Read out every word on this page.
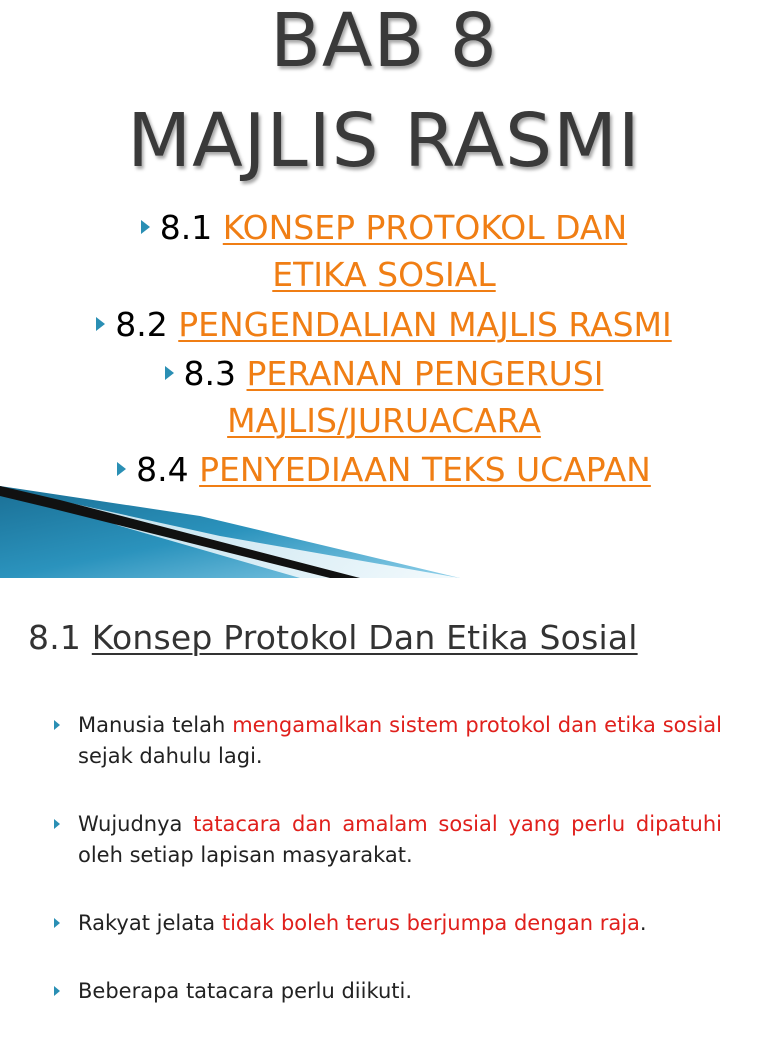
BAB 8
MAJLIS RASMI
8.1 KONSEP PROTOKOL DAN
ETIKA SOSIAL
8.2 PENGENDALIAN MAJLIS RASMI
8.3 PERANAN PENGERUSI
MAJLIS/JURUACARA
8.4 PENYEDIAAN TEKS UCAPAN
8.1 Konsep Protokol Dan Etika Sosial
Manusia telah mengamalkan sistem protokol dan etika sosial sejak dahulu lagi.
Wujudnya tatacara dan amalam sosial yang perlu dipatuhi oleh setiap lapisan masyarakat.
Rakyat jelata tidak boleh terus berjumpa dengan raja.
Beberapa tatacara perlu diikuti.
